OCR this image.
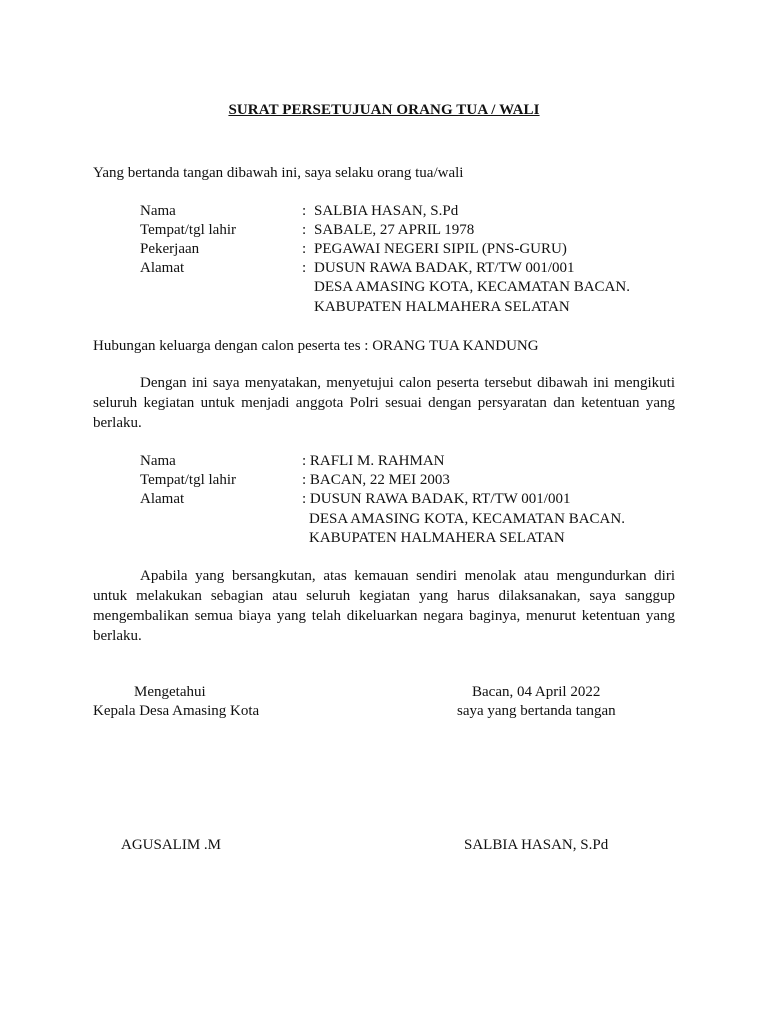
SURAT PERSETUJUAN ORANG TUA / WALI
Yang bertanda tangan dibawah ini, saya selaku orang tua/wali
Nama	: SALBIA HASAN, S.Pd
Tempat/tgl lahir	: SABALE, 27 APRIL 1978
Pekerjaan	: PEGAWAI NEGERI SIPIL (PNS-GURU)
Alamat	: DUSUN RAWA BADAK, RT/TW 001/001
DESA AMASING KOTA, KECAMATAN BACAN.
KABUPATEN HALMAHERA SELATAN
Hubungan keluarga dengan calon peserta tes : ORANG TUA KANDUNG
Dengan ini saya menyatakan, menyetujui calon peserta tersebut dibawah ini mengikuti seluruh kegiatan untuk menjadi anggota Polri sesuai dengan persyaratan dan ketentuan yang berlaku.
Nama	: RAFLI M. RAHMAN
Tempat/tgl lahir	: BACAN, 22 MEI 2003
Alamat	: DUSUN RAWA BADAK, RT/TW 001/001
DESA AMASING KOTA, KECAMATAN BACAN.
KABUPATEN HALMAHERA SELATAN
Apabila yang bersangkutan, atas kemauan sendiri menolak atau mengundurkan diri untuk melakukan sebagian atau seluruh kegiatan yang harus dilaksanakan, saya sanggup mengembalikan semua biaya yang telah dikeluarkan negara baginya, menurut ketentuan yang berlaku.
Mengetahui
Kepala Desa Amasing Kota
AGUSALIM .M
Bacan, 04 April 2022
saya yang bertanda tangan
SALBIA HASAN, S.Pd
